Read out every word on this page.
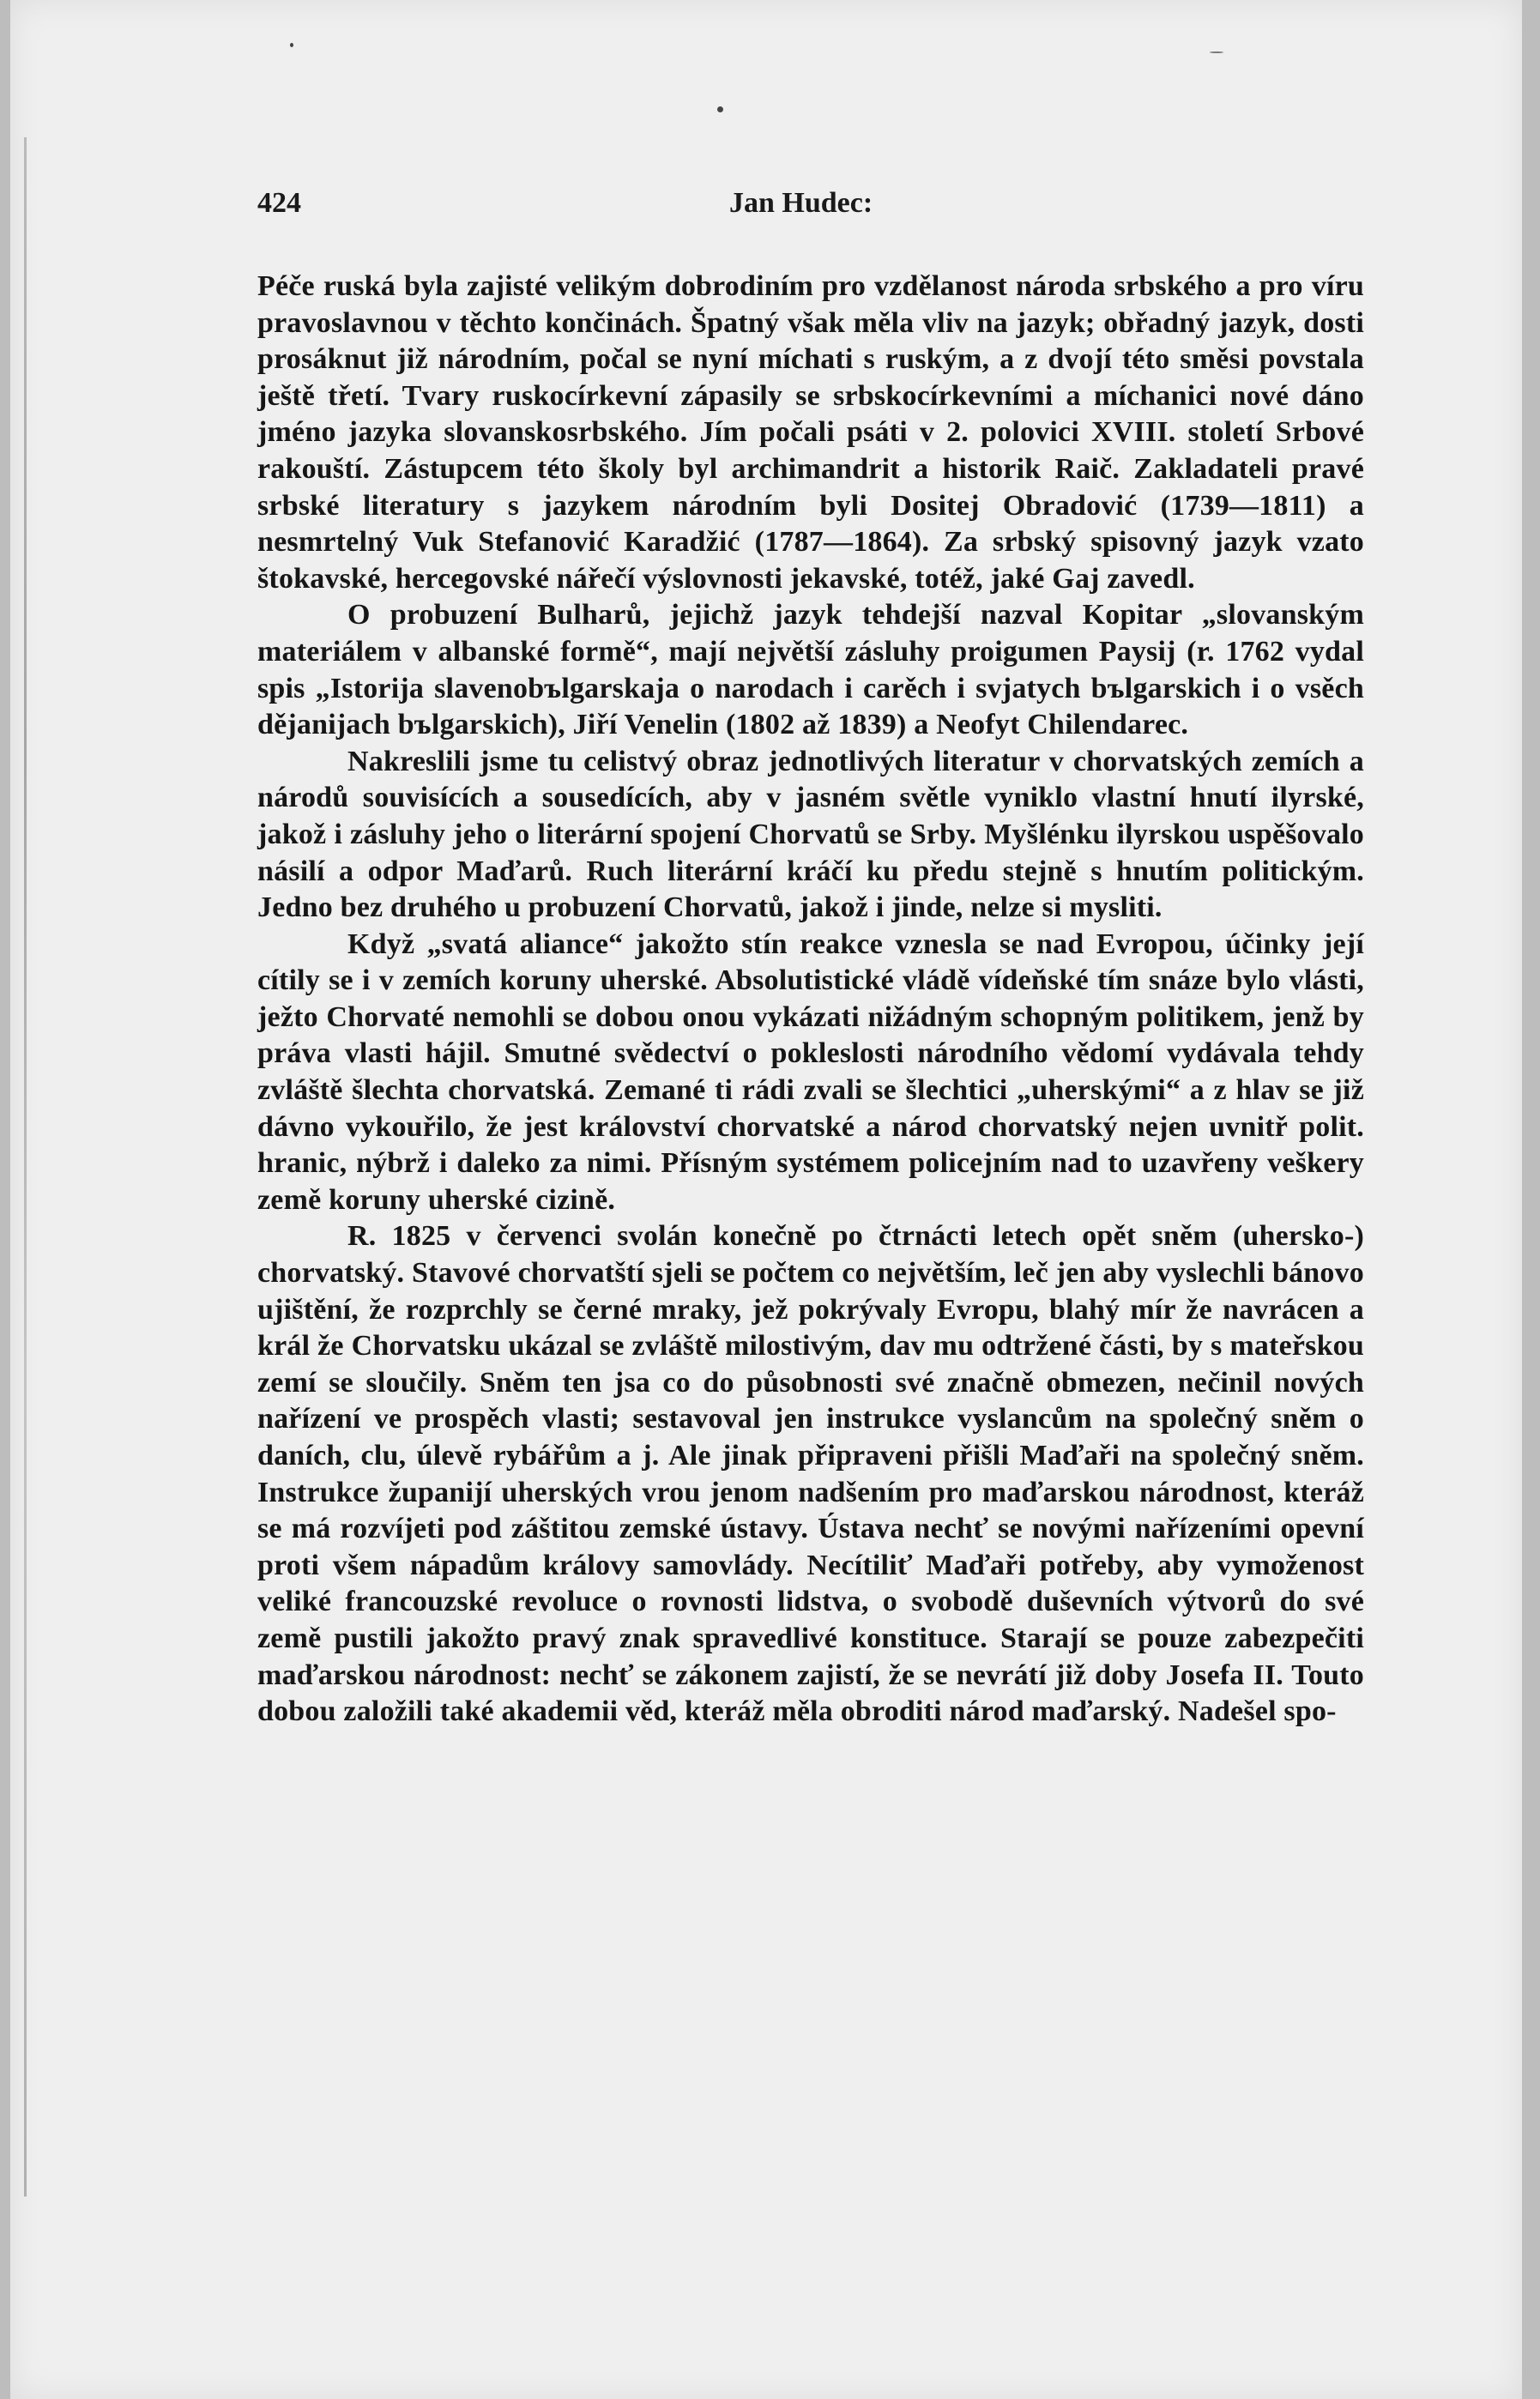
424	Jan Hudec:

Péče ruská byla zajisté velikým dobrodiním pro vzdělanost národa srbského a pro víru pravoslavnou v těchto končinách. Špatný však měla vliv na jazyk; obřadný jazyk, dosti prosáknut již národním, počal se nyní míchati s ruským, a z dvojí této směsi povstala ještě třetí. Tvary ruskocírkevní zápasily se srbskocírkevními a míchanici nové dáno jméno jazyka slovanskosrbského. Jím počali psáti v 2. polovici XVIII. století Srbové rakouští. Zástupcem této školy byl archimandrit a historik Raič. Zakladateli pravé srbské literatury s jazykem národním byli Dositej Obradović (1739—1811) a nesmrtelný Vuk Stefanović Karadžić (1787—1864). Za srbský spisovný jazyk vzato štokavské, hercegovské nářečí výslovnosti jekavské, totéž, jaké Gaj zavedl.

O probuzení Bulharů, jejichž jazyk tehdejší nazval Kopitar „slovanským materiálem v albanské formě“, mají největší zásluhy proigumen Paysij (r. 1762 vydal spis „Istorija slavenobъlgarskaja o narodach i carěch i svjatych bъlgarskich i o vsěch dějanijach bъlgarskich), Jiří Venelin (1802 až 1839) a Neofyt Chilendarec.

Nakreslili jsme tu celistvý obraz jednotlivých literatur v chorvatských zemích a národů souvisících a sousedících, aby v jasném světle vyniklo vlastní hnutí ilyrské, jakož i zásluhy jeho o literární spojení Chorvatů se Srby. Myšlénku ilyrskou uspěšovalo násilí a odpor Maďarů. Ruch literární kráčí ku předu stejně s hnutím politickým. Jedno bez druhého u probuzení Chorvatů, jakož i jinde, nelze si mysliti.

Když „svatá aliance“ jakožto stín reakce vznesla se nad Evropou, účinky její cítily se i v zemích koruny uherské. Absolutistické vládě vídeňské tím snáze bylo vlásti, ježto Chorvaté nemohli se dobou onou vykázati nižádným schopným politikem, jenž by práva vlasti hájil. Smutné svědectví o pokleslosti národního vědomí vydávala tehdy zvláště šlechta chorvatská. Zemané ti rádi zvali se šlechtici „uherskými“ a z hlav se již dávno vykouřilo, že jest království chorvatské a národ chorvatský nejen uvnitř polit. hranic, nýbrž i daleko za nimi. Přísným systémem policejním nad to uzavřeny veškery země koruny uherské cizině.

R. 1825 v červenci svolán konečně po čtrnácti letech opět sněm (uhersko-) chorvatský. Stavové chorvatští sjeli se počtem co největším, leč jen aby vyslechli bánovo ujištění, že rozprchly se černé mraky, jež pokrývaly Evropu, blahý mír že navrácen a král že Chorvatsku ukázal se zvláště milostivým, dav mu odtržené části, by s mateřskou zemí se sloučily. Sněm ten jsa co do působnosti své značně obmezen, nečinil nových nařízení ve prospěch vlasti; sestavoval jen instrukce vyslancům na společný sněm o daních, clu, úlevě rybářům a j. Ale jinak připraveni přišli Maďaři na společný sněm. Instrukce županijí uherských vrou jenom nadšením pro maďarskou národnost, kteráž se má rozvíjeti pod záštitou zemské ústavy. Ústava nechť se novými nařízeními opevní proti všem nápadům královy samovlády. Necítiliť Maďaři potřeby, aby vymoženost veliké francouzské revoluce o rovnosti lidstva, o svobodě duševních výtvorů do své země pustili jakožto pravý znak spravedlivé konstituce. Starají se pouze zabezpečiti maďarskou národnost: nechť se zákonem zajistí, že se nevrátí již doby Josefa II. Touto dobou založili také akademii věd, kteráž měla obroditi národ maďarský. Nadešel spo-
